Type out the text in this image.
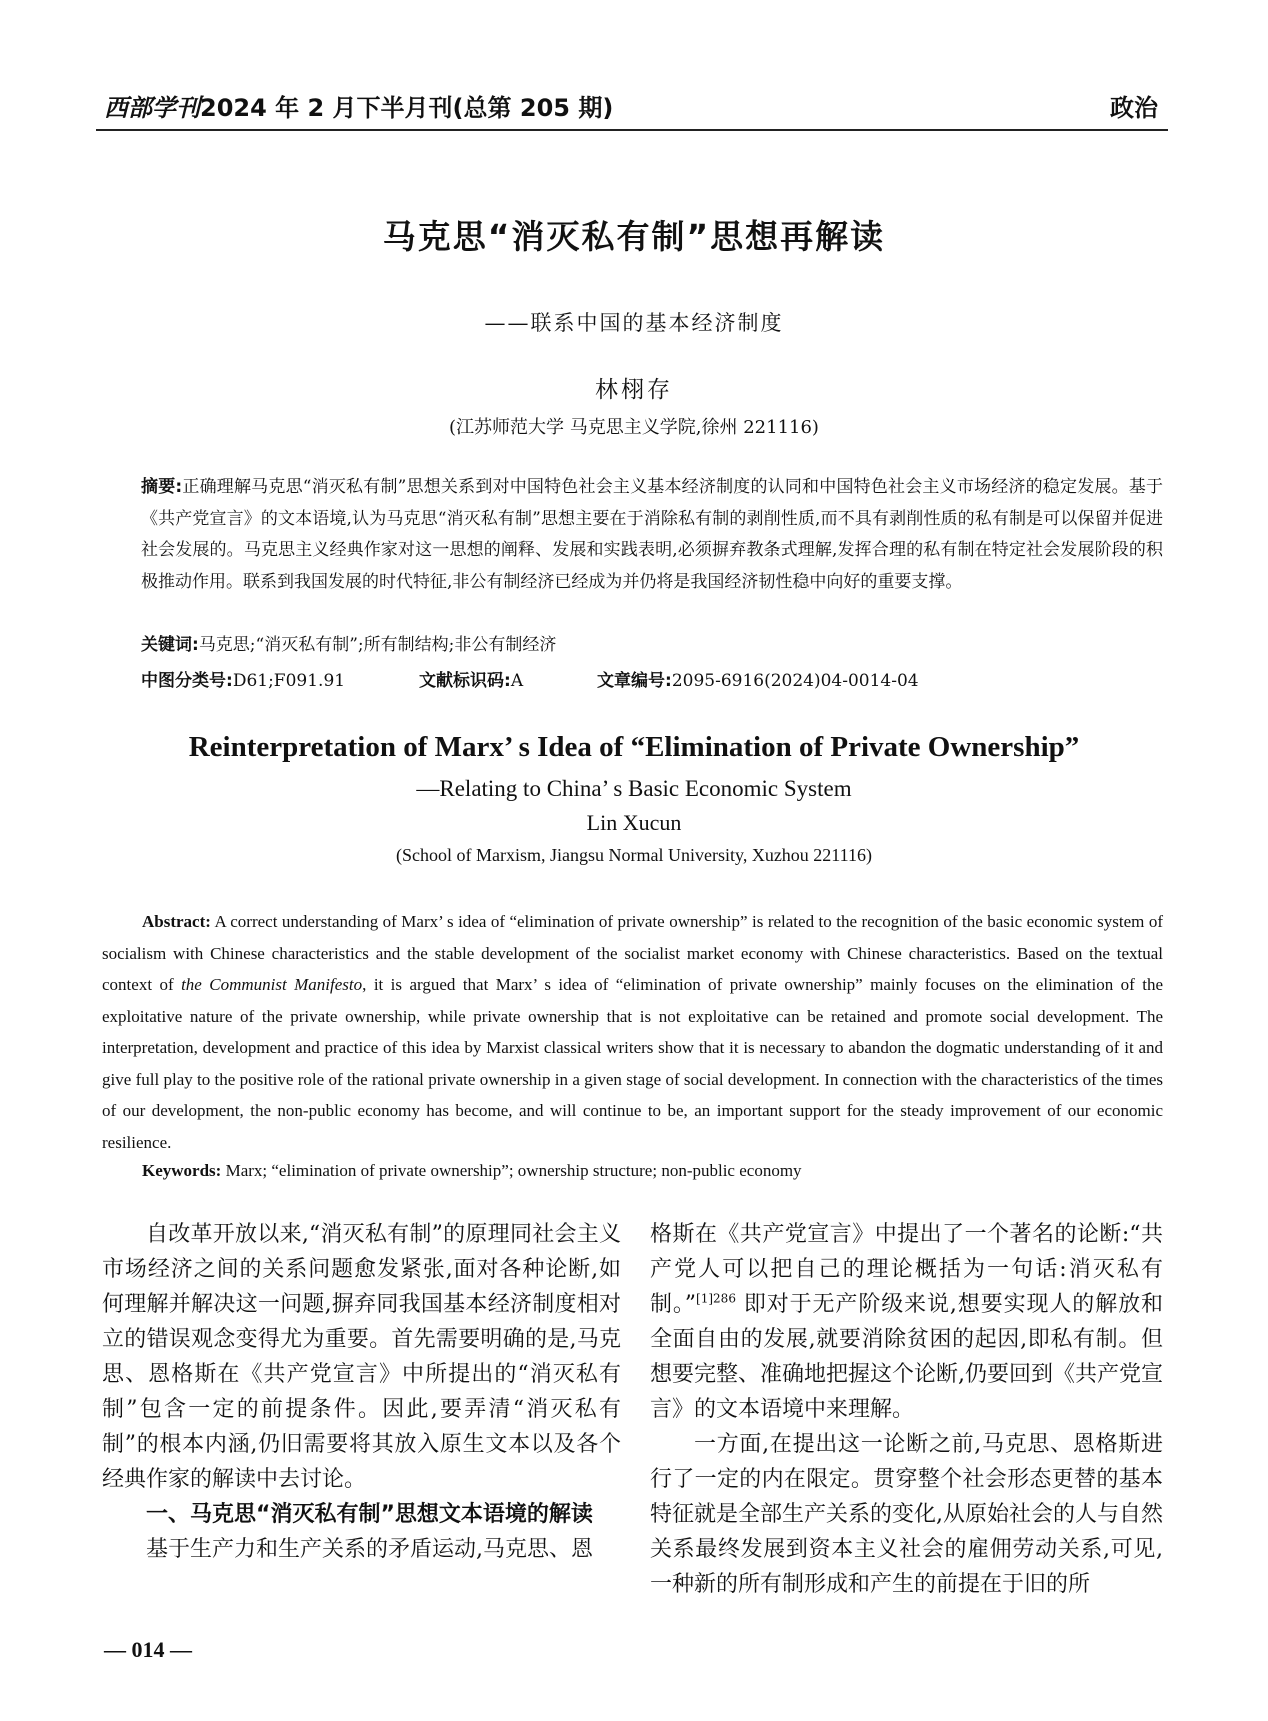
西部学刊2024 年 2 月下半月刊(总第 205 期)	政治
马克思“消灭私有制”思想再解读
——联系中国的基本经济制度
林栩存
(江苏师范大学 马克思主义学院,徐州 221116)
摘要:正确理解马克思“消灭私有制”思想关系到对中国特色社会主义基本经济制度的认同和中国特色社会主义市场经济的稳定发展。基于《共产党宣言》的文本语境,认为马克思“消灭私有制”思想主要在于消除私有制的剥削性质,而不具有剥削性质的私有制是可以保留并促进社会发展的。马克思主义经典作家对这一思想的阐释、发展和实践表明,必须摒弃教条式理解,发挥合理的私有制在特定社会发展阶段的积极推动作用。联系到我国发展的时代特征,非公有制经济已经成为并仍将是我国经济韧性稳中向好的重要支撑。
关键词:马克思;“消灭私有制”;所有制结构;非公有制经济
中图分类号:D61;F091.91	文献标识码:A	文章编号:2095-6916(2024)04-0014-04
Reinterpretation of Marx’ s Idea of “Elimination of Private Ownership”
—Relating to China’ s Basic Economic System
Lin Xucun
(School of Marxism, Jiangsu Normal University, Xuzhou 221116)
Abstract: A correct understanding of Marx’ s idea of “elimination of private ownership” is related to the recognition of the basic economic system of socialism with Chinese characteristics and the stable development of the socialist market economy with Chinese characteristics. Based on the textual context of the Communist Manifesto, it is argued that Marx’ s idea of “elimination of private ownership” mainly focuses on the elimination of the exploitative nature of the private ownership, while private ownership that is not exploitative can be retained and promote social development. The interpretation, development and practice of this idea by Marxist classical writers show that it is necessary to abandon the dogmatic understanding of it and give full play to the positive role of the rational private ownership in a given stage of social development. In connection with the characteristics of the times of our development, the non-public economy has become, and will continue to be, an important support for the steady improvement of our economic resilience.
Keywords: Marx; “elimination of private ownership”; ownership structure; non-public economy

自改革开放以来,“消灭私有制”的原理同社会主义市场经济之间的关系问题愈发紧张,面对各种论断,如何理解并解决这一问题,摒弃同我国基本经济制度相对立的错误观念变得尤为重要。首先需要明确的是,马克思、恩格斯在《共产党宣言》中所提出的“消灭私有制”包含一定的前提条件。因此,要弄清“消灭私有制”的根本内涵,仍旧需要将其放入原生文本以及各个经典作家的解读中去讨论。

一、马克思“消灭私有制”思想文本语境的解读

基于生产力和生产关系的矛盾运动,马克思、恩

格斯在《共产党宣言》中提出了一个著名的论断:“共产党人可以把自己的理论概括为一句话:消灭私有制。”$^{[1]286}$ 即对于无产阶级来说,想要实现人的解放和全面自由的发展,就要消除贫困的起因,即私有制。但想要完整、准确地把握这个论断,仍要回到《共产党宣言》的文本语境中来理解。

一方面,在提出这一论断之前,马克思、恩格斯进行了一定的内在限定。贯穿整个社会形态更替的基本特征就是全部生产关系的变化,从原始社会的人与自然关系最终发展到资本主义社会的雇佣劳动关系,可见,一种新的所有制形成和产生的前提在于旧的所

— 014 —
